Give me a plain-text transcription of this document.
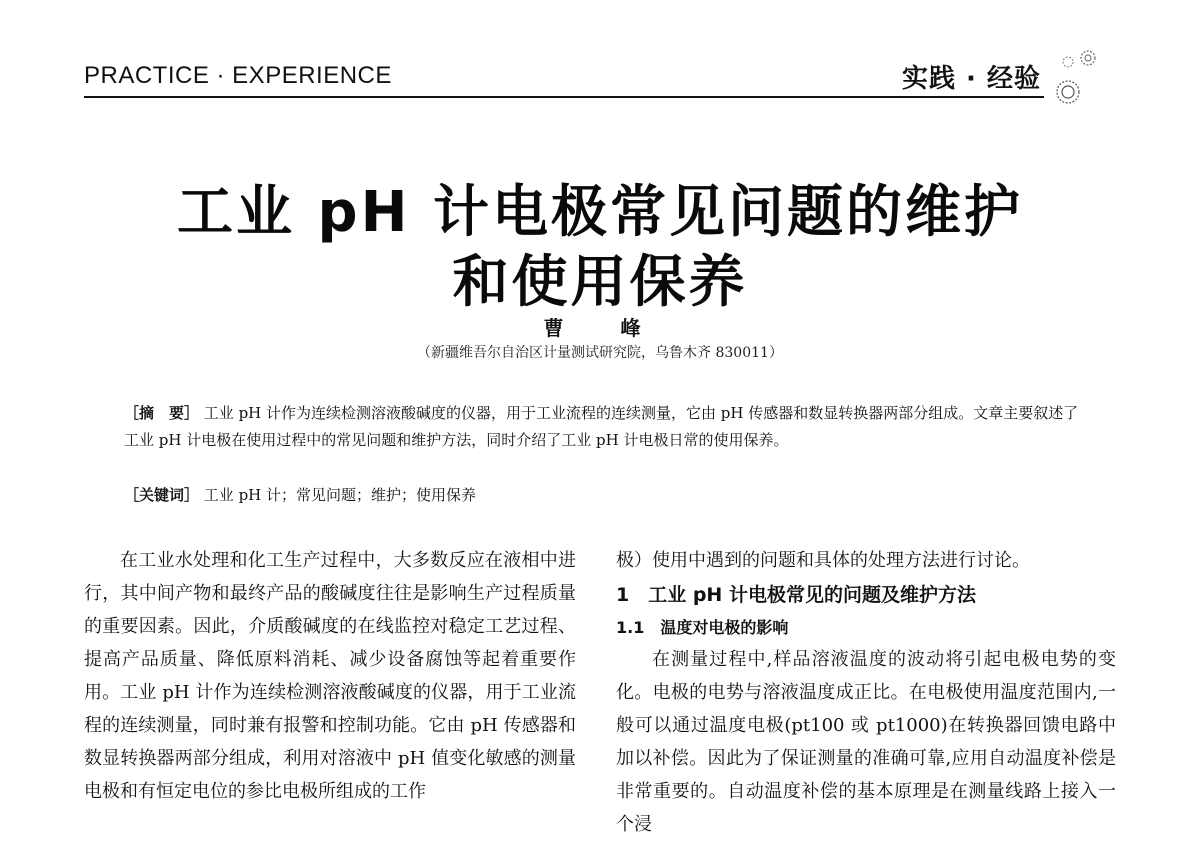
PRACTICE · EXPERIENCE	实践 · 经验
工业 pH 计电极常见问题的维护
和使用保养
曹 峰
（新疆维吾尔自治区计量测试研究院，乌鲁木齐 830011）
［摘　要］ 工业 pH 计作为连续检测溶液酸碱度的仪器，用于工业流程的连续测量，它由 pH 传感器和数显转换器两部分组成。文章主要叙述了工业 pH 计电极在使用过程中的常见问题和维护方法，同时介绍了工业 pH 计电极日常的使用保养。
［关键词］ 工业 pH 计；常见问题；维护；使用保养

在工业水处理和化工生产过程中，大多数反应在液相中进行，其中间产物和最终产品的酸碱度往往是影响生产过程质量的重要因素。因此，介质酸碱度的在线监控对稳定工艺过程、提高产品质量、降低原料消耗、减少设备腐蚀等起着重要作用。工业 pH 计作为连续检测溶液酸碱度的仪器，用于工业流程的连续测量，同时兼有报警和控制功能。它由 pH 传感器和数显转换器两部分组成，利用对溶液中 pH 值变化敏感的测量电极和有恒定电位的参比电极所组成的工作

极）使用中遇到的问题和具体的处理方法进行讨论。

1　工业 pH 计电极常见的问题及维护方法

1.1　温度对电极的影响

在测量过程中,样品溶液温度的波动将引起电极电势的变化。电极的电势与溶液温度成正比。在电极使用温度范围内,一般可以通过温度电极(pt100 或 pt1000)在转换器回馈电路中加以补偿。因此为了保证测量的准确可靠,应用自动温度补偿是非常重要的。自动温度补偿的基本原理是在测量线路上接入一个浸
